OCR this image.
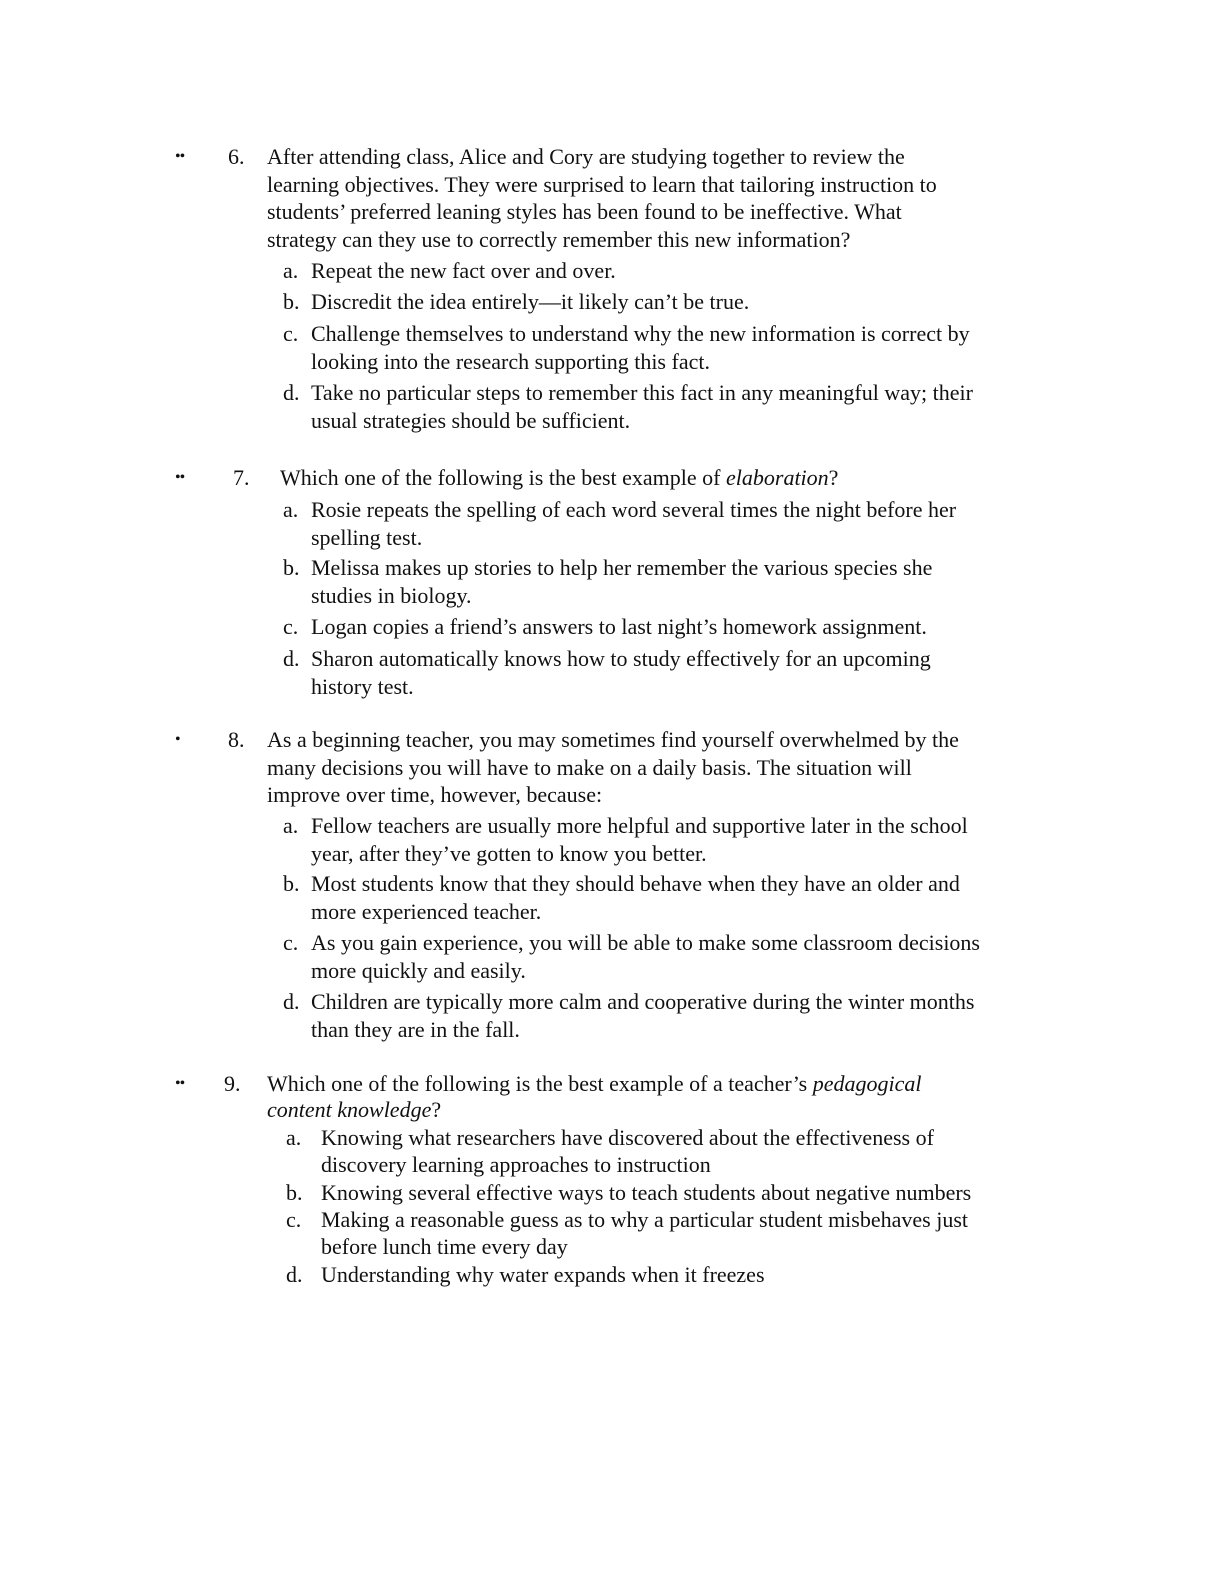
•• 6. After attending class, Alice and Cory are studying together to review the
learning objectives. They were surprised to learn that tailoring instruction to
students’ preferred leaning styles has been found to be ineffective. What
strategy can they use to correctly remember this new information?
a. Repeat the new fact over and over.
b. Discredit the idea entirely—it likely can’t be true.
c. Challenge themselves to understand why the new information is correct by
looking into the research supporting this fact.
d. Take no particular steps to remember this fact in any meaningful way; their
usual strategies should be sufficient.
•• 7. Which one of the following is the best example of elaboration?
a. Rosie repeats the spelling of each word several times the night before her
spelling test.
b. Melissa makes up stories to help her remember the various species she
studies in biology.
c. Logan copies a friend’s answers to last night’s homework assignment.
d. Sharon automatically knows how to study effectively for an upcoming
history test.
• 8. As a beginning teacher, you may sometimes find yourself overwhelmed by the
many decisions you will have to make on a daily basis. The situation will
improve over time, however, because:
a. Fellow teachers are usually more helpful and supportive later in the school
year, after they’ve gotten to know you better.
b. Most students know that they should behave when they have an older and
more experienced teacher.
c. As you gain experience, you will be able to make some classroom decisions
more quickly and easily.
d. Children are typically more calm and cooperative during the winter months
than they are in the fall.
•• 9. Which one of the following is the best example of a teacher’s pedagogical
content knowledge?
a. Knowing what researchers have discovered about the effectiveness of
discovery learning approaches to instruction
b. Knowing several effective ways to teach students about negative numbers
c. Making a reasonable guess as to why a particular student misbehaves just
before lunch time every day
d. Understanding why water expands when it freezes
